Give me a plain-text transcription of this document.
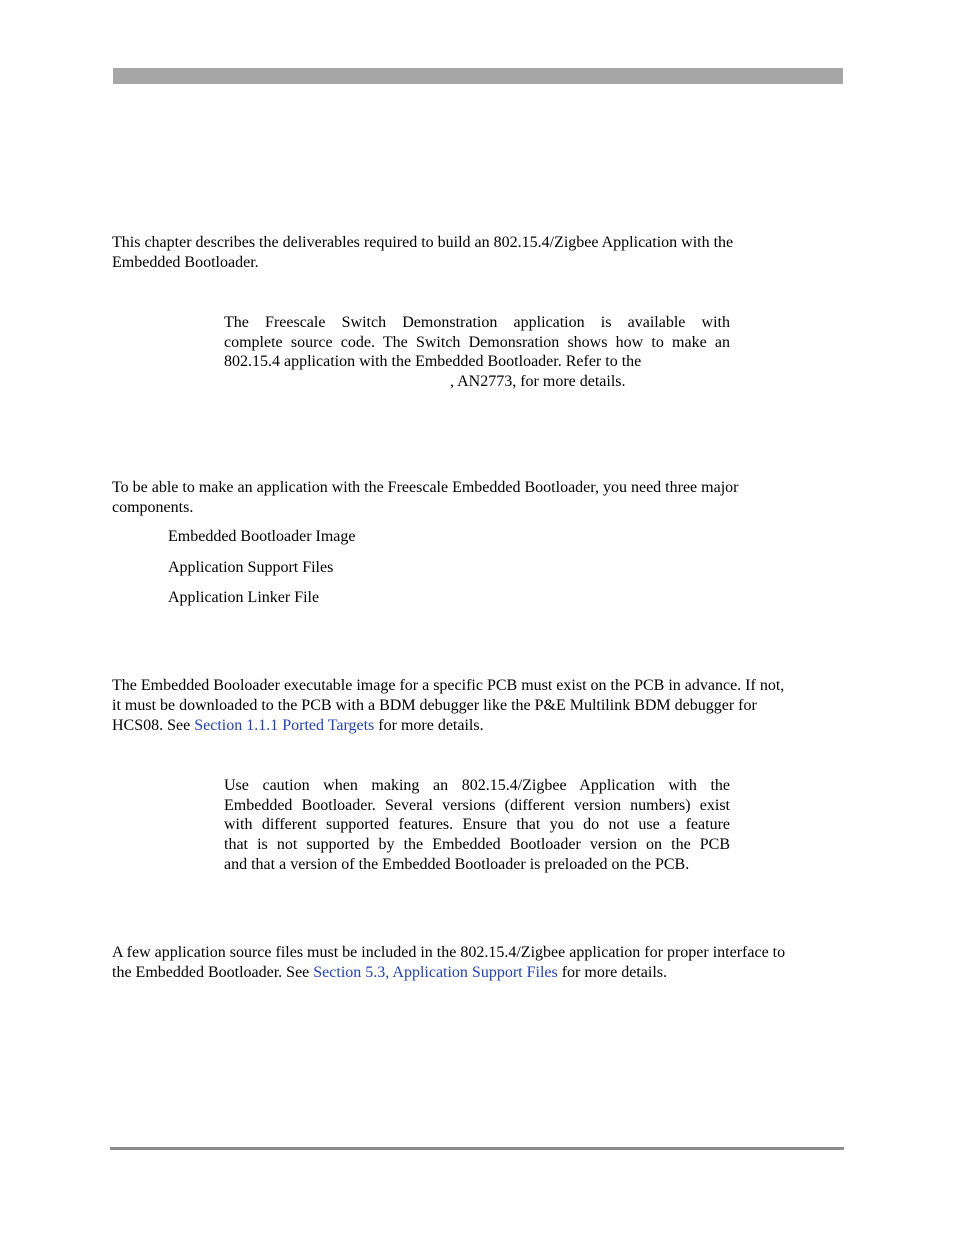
This chapter describes the deliverables required to build an 802.15.4/Zigbee Application with the
Embedded Bootloader.

The Freescale Switch Demonstration application is available with
complete source code. The Switch Demonsration shows how to make an
802.15.4 application with the Embedded Bootloader. Refer to the
, AN2773, for more details.

To be able to make an application with the Freescale Embedded Bootloader, you need three major
components.

Embedded Bootloader Image

Application Support Files

Application Linker File

The Embedded Booloader executable image for a specific PCB must exist on the PCB in advance. If not,
it must be downloaded to the PCB with a BDM debugger like the P&E Multilink BDM debugger for
HCS08. See Section 1.1.1 Ported Targets for more details.

Use caution when making an 802.15.4/Zigbee Application with the
Embedded Bootloader. Several versions (different version numbers) exist
with different supported features. Ensure that you do not use a feature
that is not supported by the Embedded Bootloader version on the PCB
and that a version of the Embedded Bootloader is preloaded on the PCB.

A few application source files must be included in the 802.15.4/Zigbee application for proper interface to
the Embedded Bootloader. See Section 5.3, Application Support Files for more details.
